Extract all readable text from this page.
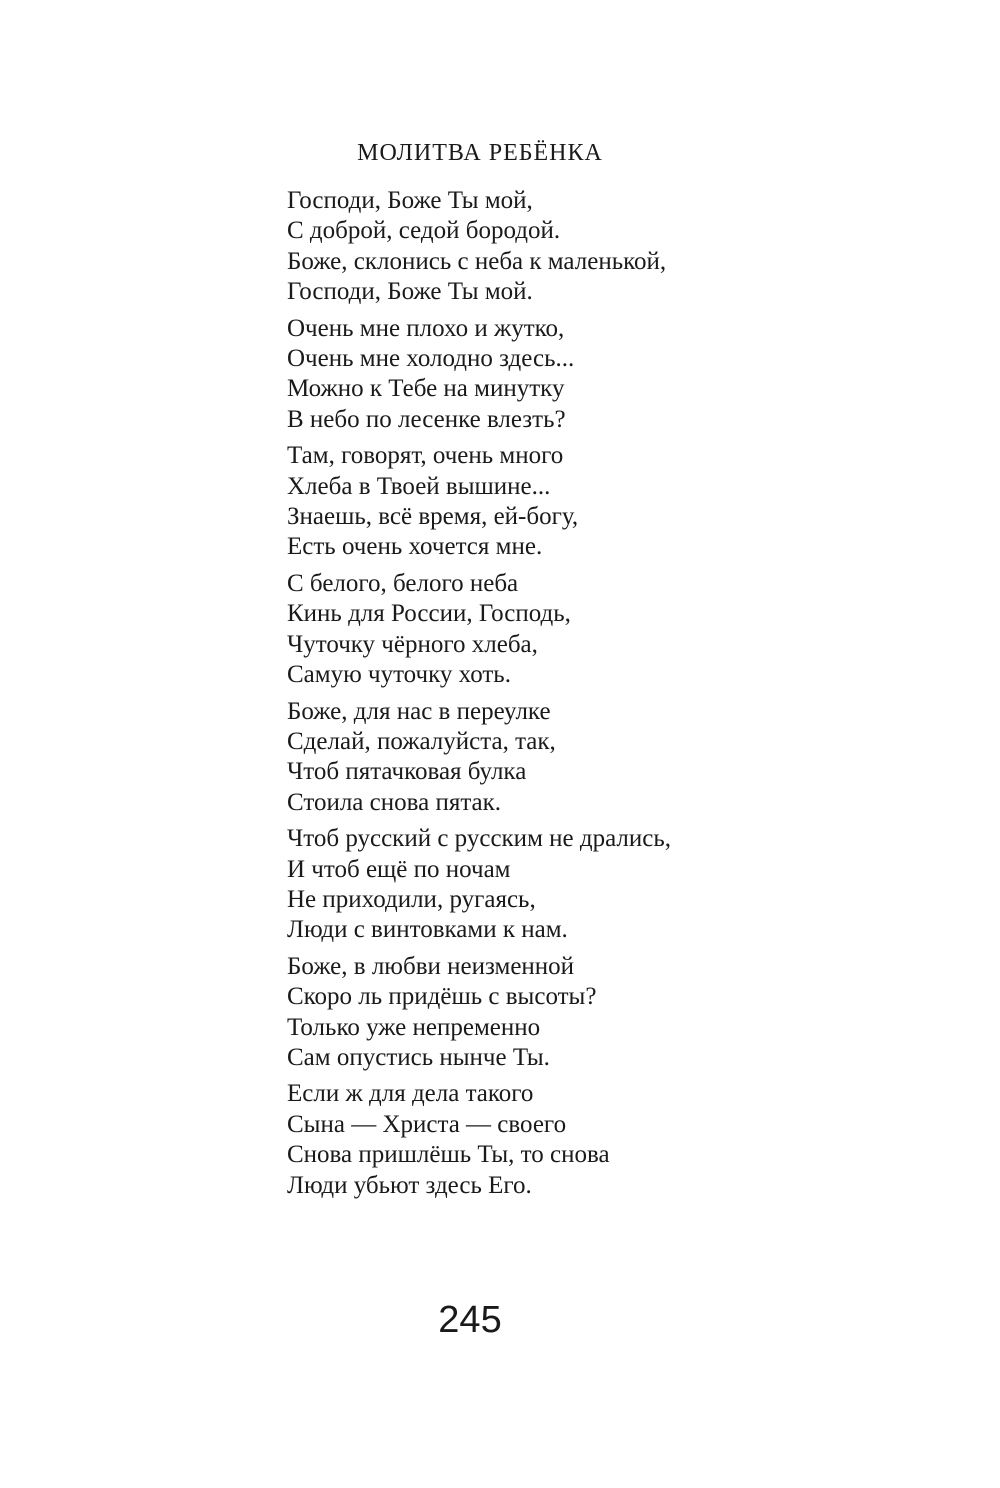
МОЛИТВА РЕБЁНКА
Господи, Боже Ты мой,
С доброй, седой бородой.
Боже, склонись с неба к маленькой,
Господи, Боже Ты мой.
Очень мне плохо и жутко,
Очень мне холодно здесь...
Можно к Тебе на минутку
В небо по лесенке влезть?
Там, говорят, очень много
Хлеба в Твоей вышине...
Знаешь, всё время, ей-богу,
Есть очень хочется мне.
С белого, белого неба
Кинь для России, Господь,
Чуточку чёрного хлеба,
Самую чуточку хоть.
Боже, для нас в переулке
Сделай, пожалуйста, так,
Чтоб пятачковая булка
Стоила снова пятак.
Чтоб русский с русским не дрались,
И чтоб ещё по ночам
Не приходили, ругаясь,
Люди с винтовками к нам.
Боже, в любви неизменной
Скоро ль придёшь с высоты?
Только уже непременно
Сам опустись нынче Ты.
Если ж для дела такого
Сына — Христа — своего
Снова пришлёшь Ты, то снова
Люди убьют здесь Его.
245
